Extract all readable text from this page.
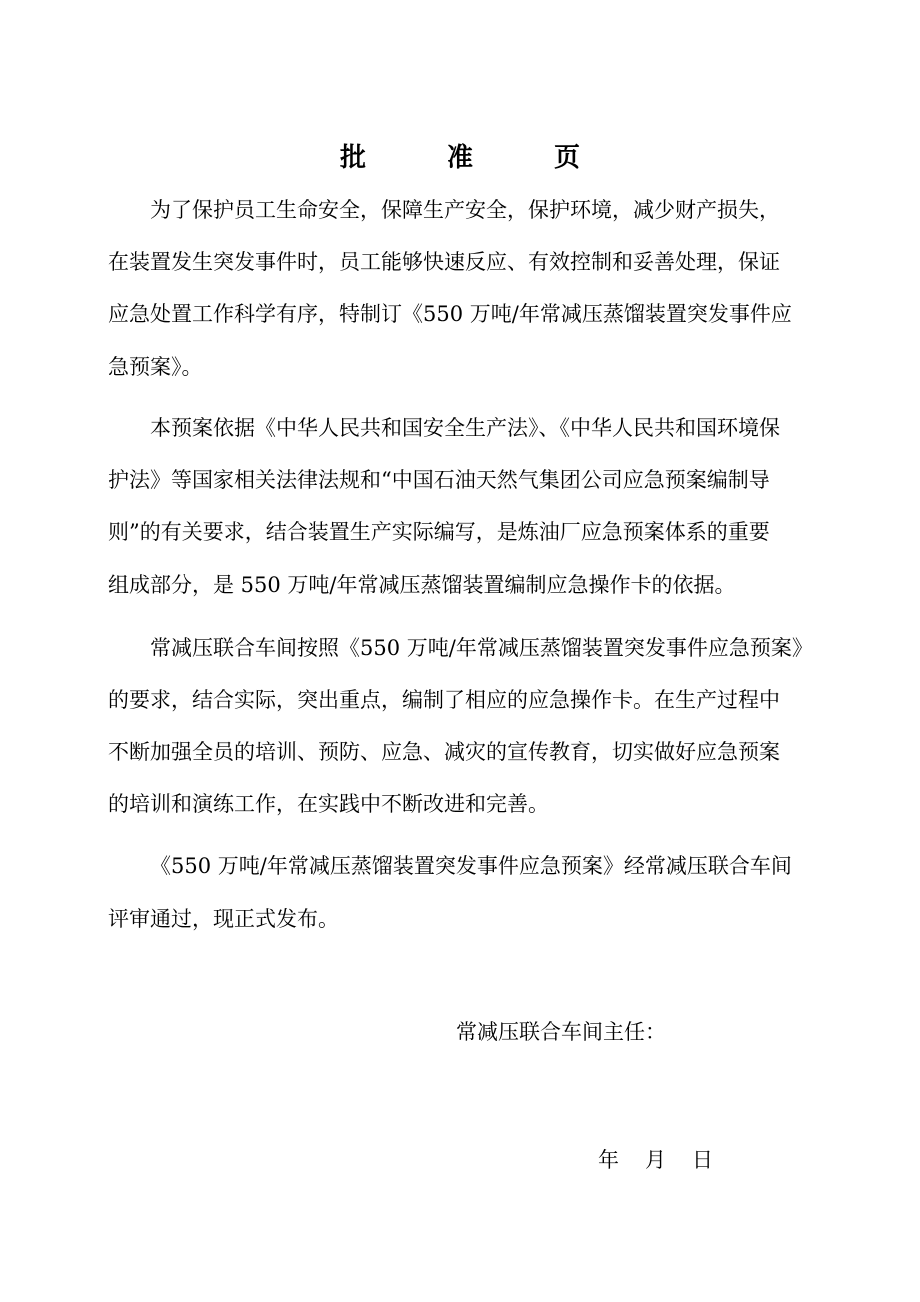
批 准 页
为了保护员工生命安全，保障生产安全，保护环境，减少财产损失，
在装置发生突发事件时，员工能够快速反应、有效控制和妥善处理，保证
应急处置工作科学有序，特制订《550 万吨/年常减压蒸馏装置突发事件应
急预案》。
本预案依据《中华人民共和国安全生产法》、《中华人民共和国环境保
护法》等国家相关法律法规和“中国石油天然气集团公司应急预案编制导
则”的有关要求，结合装置生产实际编写，是炼油厂应急预案体系的重要
组成部分，是 550 万吨/年常减压蒸馏装置编制应急操作卡的依据。
常减压联合车间按照《550 万吨/年常减压蒸馏装置突发事件应急预案》
的要求，结合实际，突出重点，编制了相应的应急操作卡。在生产过程中
不断加强全员的培训、预防、应急、减灾的宣传教育，切实做好应急预案
的培训和演练工作，在实践中不断改进和完善。
《550 万吨/年常减压蒸馏装置突发事件应急预案》经常减压联合车间
评审通过，现正式发布。
常减压联合车间主任：
年 月 日
